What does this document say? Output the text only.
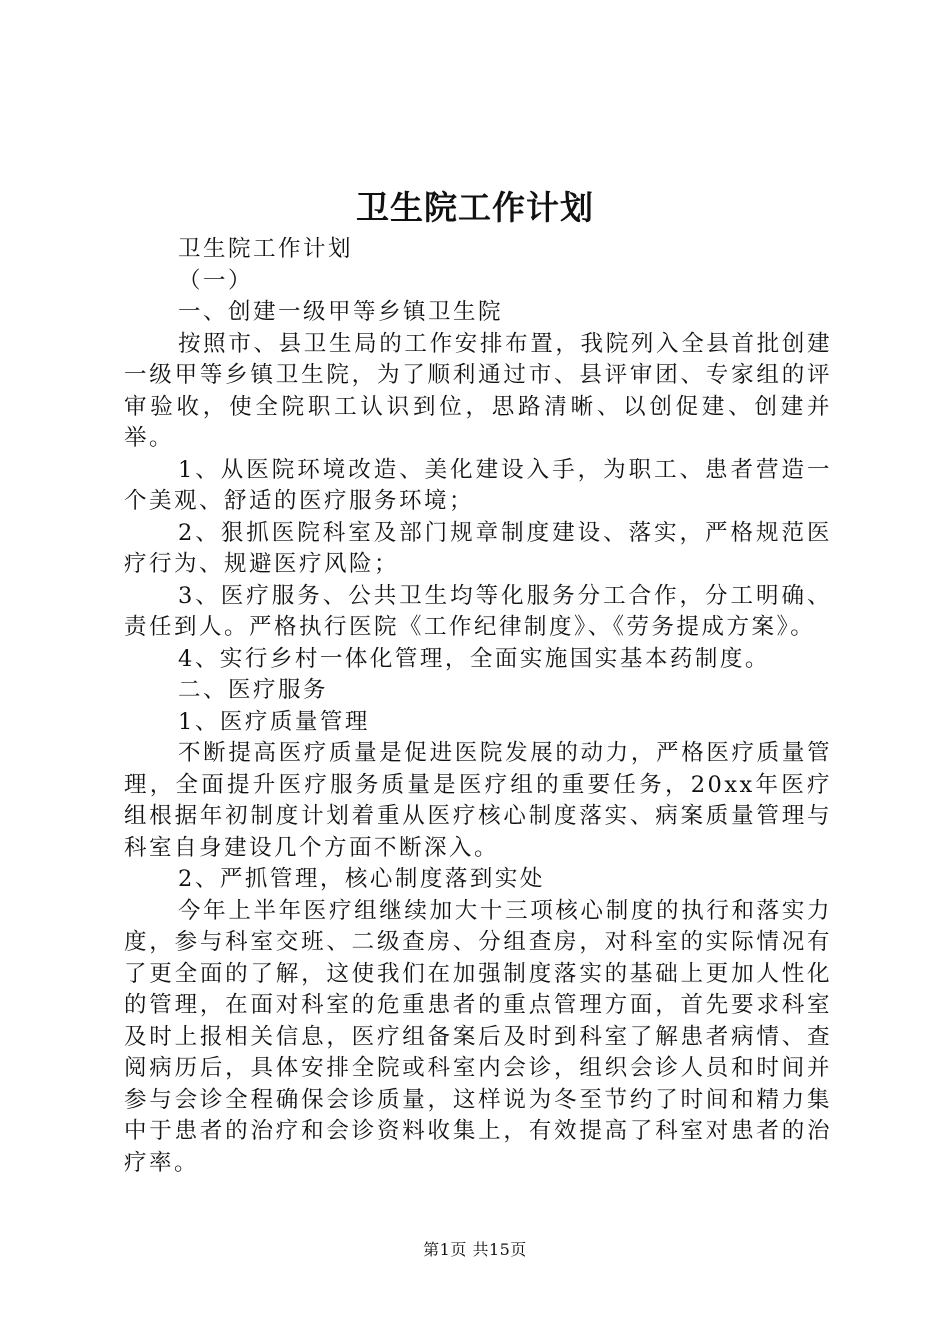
卫生院工作计划

卫生院工作计划

（一）

一、创建一级甲等乡镇卫生院

按照市、县卫生局的工作安排布置，我院列入全县首批创建一级甲等乡镇卫生院，为了顺利通过市、县评审团、专家组的评审验收，使全院职工认识到位，思路清晰、以创促建、创建并举。

1、从医院环境改造、美化建设入手，为职工、患者营造一个美观、舒适的医疗服务环境；

2、狠抓医院科室及部门规章制度建设、落实，严格规范医疗行为、规避医疗风险；

3、医疗服务、公共卫生均等化服务分工合作，分工明确、责任到人。严格执行医院《工作纪律制度》、《劳务提成方案》。

4、实行乡村一体化管理，全面实施国实基本药制度。

二、医疗服务

1、医疗质量管理

不断提高医疗质量是促进医院发展的动力，严格医疗质量管理，全面提升医疗服务质量是医疗组的重要任务，20xx年医疗组根据年初制度计划着重从医疗核心制度落实、病案质量管理与科室自身建设几个方面不断深入。

2、严抓管理，核心制度落到实处

今年上半年医疗组继续加大十三项核心制度的执行和落实力度，参与科室交班、二级查房、分组查房，对科室的实际情况有了更全面的了解，这使我们在加强制度落实的基础上更加人性化的管理，在面对科室的危重患者的重点管理方面，首先要求科室及时上报相关信息，医疗组备案后及时到科室了解患者病情、查阅病历后，具体安排全院或科室内会诊，组织会诊人员和时间并参与会诊全程确保会诊质量，这样说为冬至节约了时间和精力集中于患者的治疗和会诊资料收集上，有效提高了科室对患者的治疗率。

第1页 共15页
